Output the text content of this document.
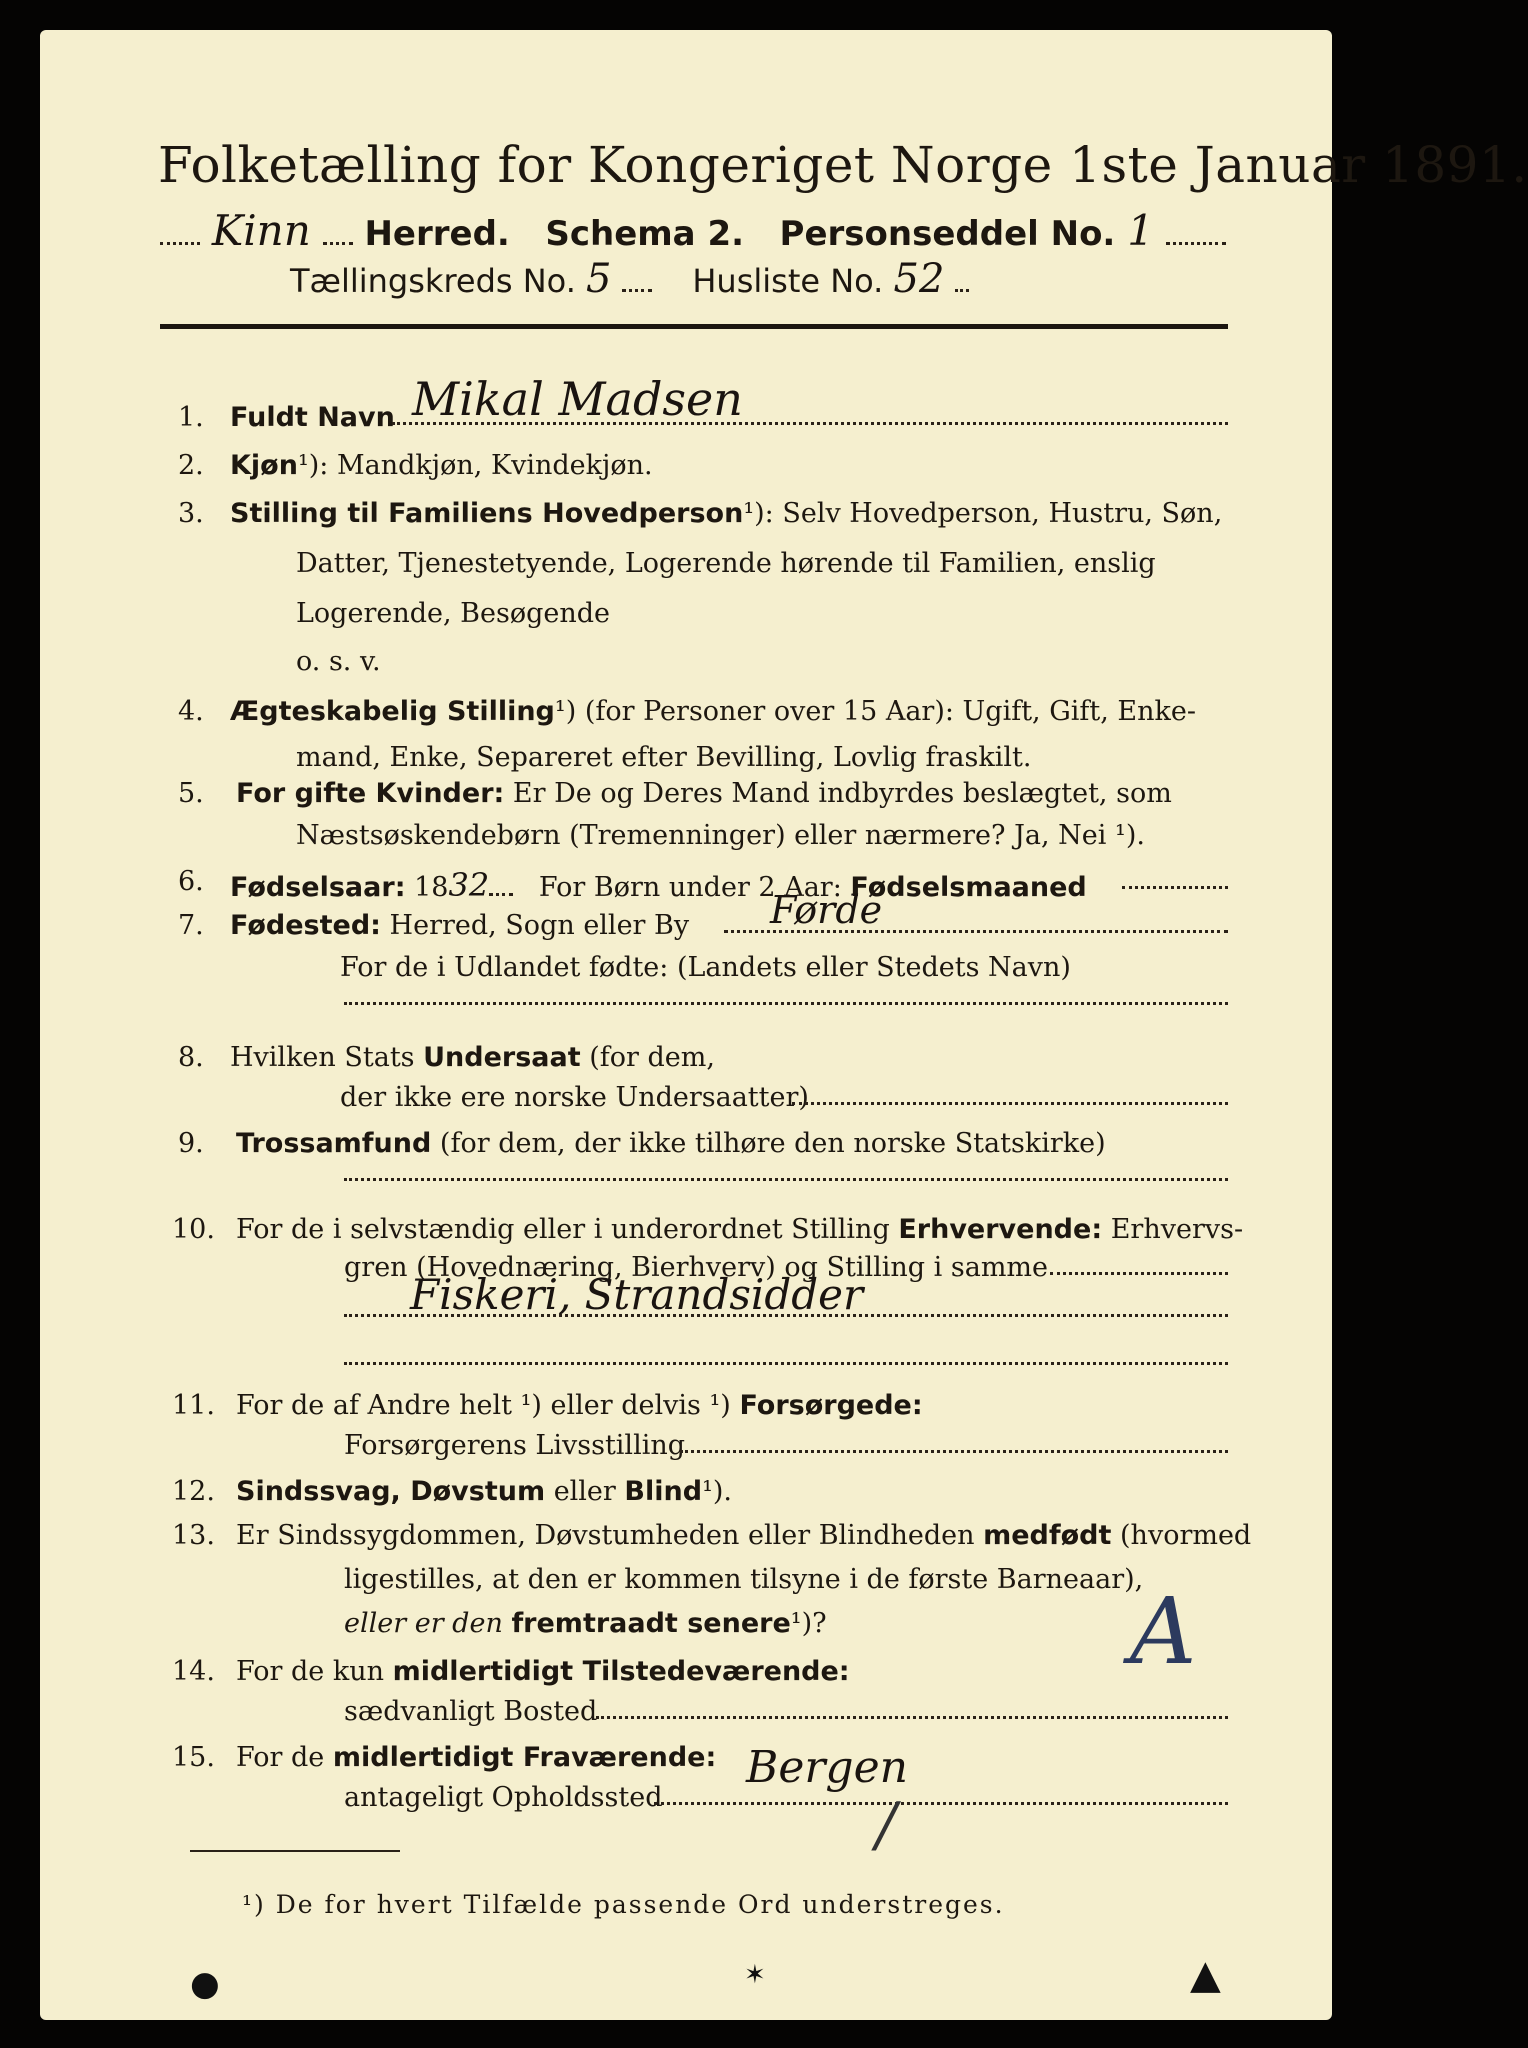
Folketælling for Kongeriget Norge 1ste Januar 1891.
Kinn Herred. Schema 2. Personseddel No. 1
Tællingskreds No. 5	Husliste No. 52
1. Fuldt Navn Mikal Madsen
2. Kjøn¹): Mandkjøn, Kvindekjøn.
3. Stilling til Familiens Hovedperson¹): Selv Hovedperson, Hustru, Søn,
Datter, Tjenestetyende, Logerende hørende til Familien, enslig
Logerende, Besøgende
o. s. v.
4. Ægteskabelig Stilling¹) (for Personer over 15 Aar): Ugift, Gift, Enke-
mand, Enke, Separeret efter Bevilling, Lovlig fraskilt.
5. For gifte Kvinder: Er De og Deres Mand indbyrdes beslægtet, som
Næstsøskendebørn (Tremenninger) eller nærmere? Ja, Nei ¹).
6. Fødselsaar: 1832 For Børn under 2 Aar: Fødselsmaaned
7. Fødested: Herred, Sogn eller By Førde
For de i Udlandet fødte: (Landets eller Stedets Navn)
8. Hvilken Stats Undersaat (for dem,
der ikke ere norske Undersaatter)
9. Trossamfund (for dem, der ikke tilhøre den norske Statskirke)
10. For de i selvstændig eller i underordnet Stilling Erhvervende: Erhvervs-
gren (Hovednæring, Bierhverv) og Stilling i samme
Fiskeri, Strandsidder
11. For de af Andre helt ¹) eller delvis ¹) Forsørgede:
Forsørgerens Livsstilling
12. Sindssvag, Døvstum eller Blind¹).
13. Er Sindssygdommen, Døvstumheden eller Blindheden medfødt (hvormed
ligestilles, at den er kommen tilsyne i de første Barneaar),
eller er den fremtraadt senere¹)?
14. For de kun midlertidigt Tilstedeværende:
sædvanligt Bosted
15. For de midlertidigt Fraværende:
antageligt Opholdssted
Bergen
A
/
¹) De for hvert Tilfælde passende Ord understreges.
●	✶	▲
